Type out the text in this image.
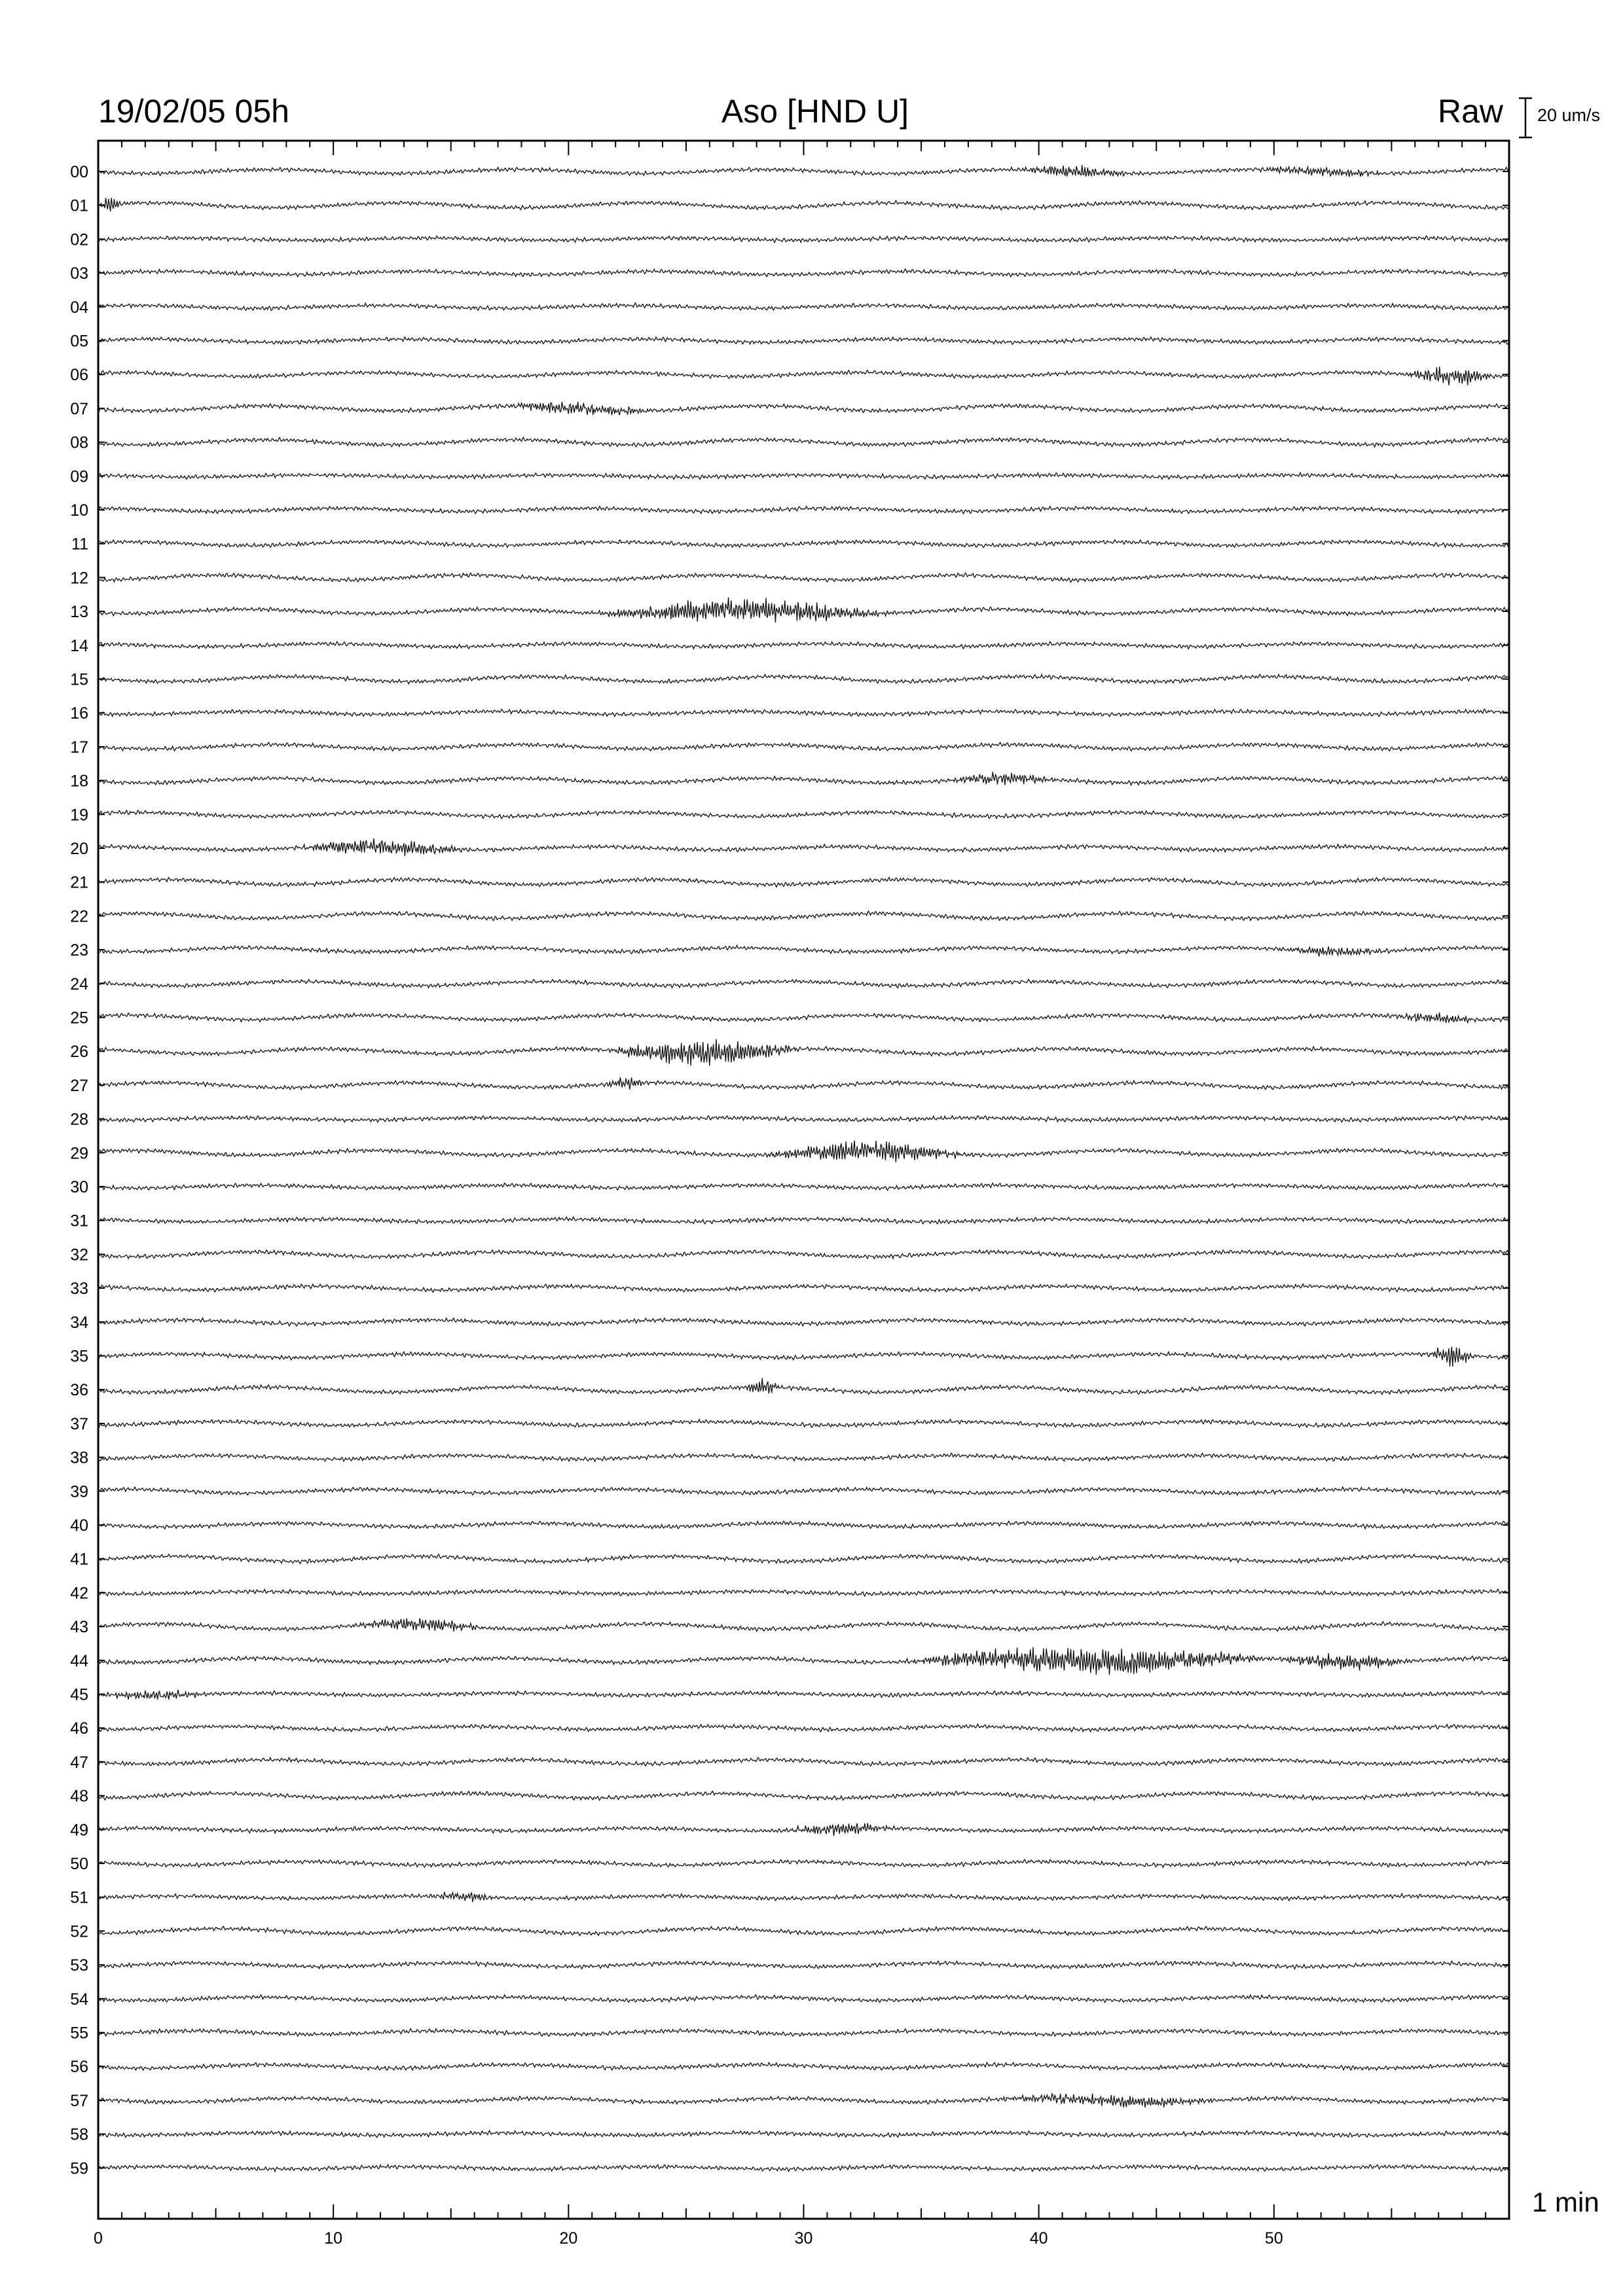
19/02/05 05h	Aso [HND U]	Raw 20 um/s
1 min
00
01
02
03
04
05
06
07
08
09
10
11
12
13
14
15
16
17
18
19
20
21
22
23
24
25
26
27
28
29
30
31
32
33
34
35
36
37
38
39
40
41
42
43
44
45
46
47
48
49
50
51
52
53
54
55
56
57
58
59
0	10	20	30	40	50
